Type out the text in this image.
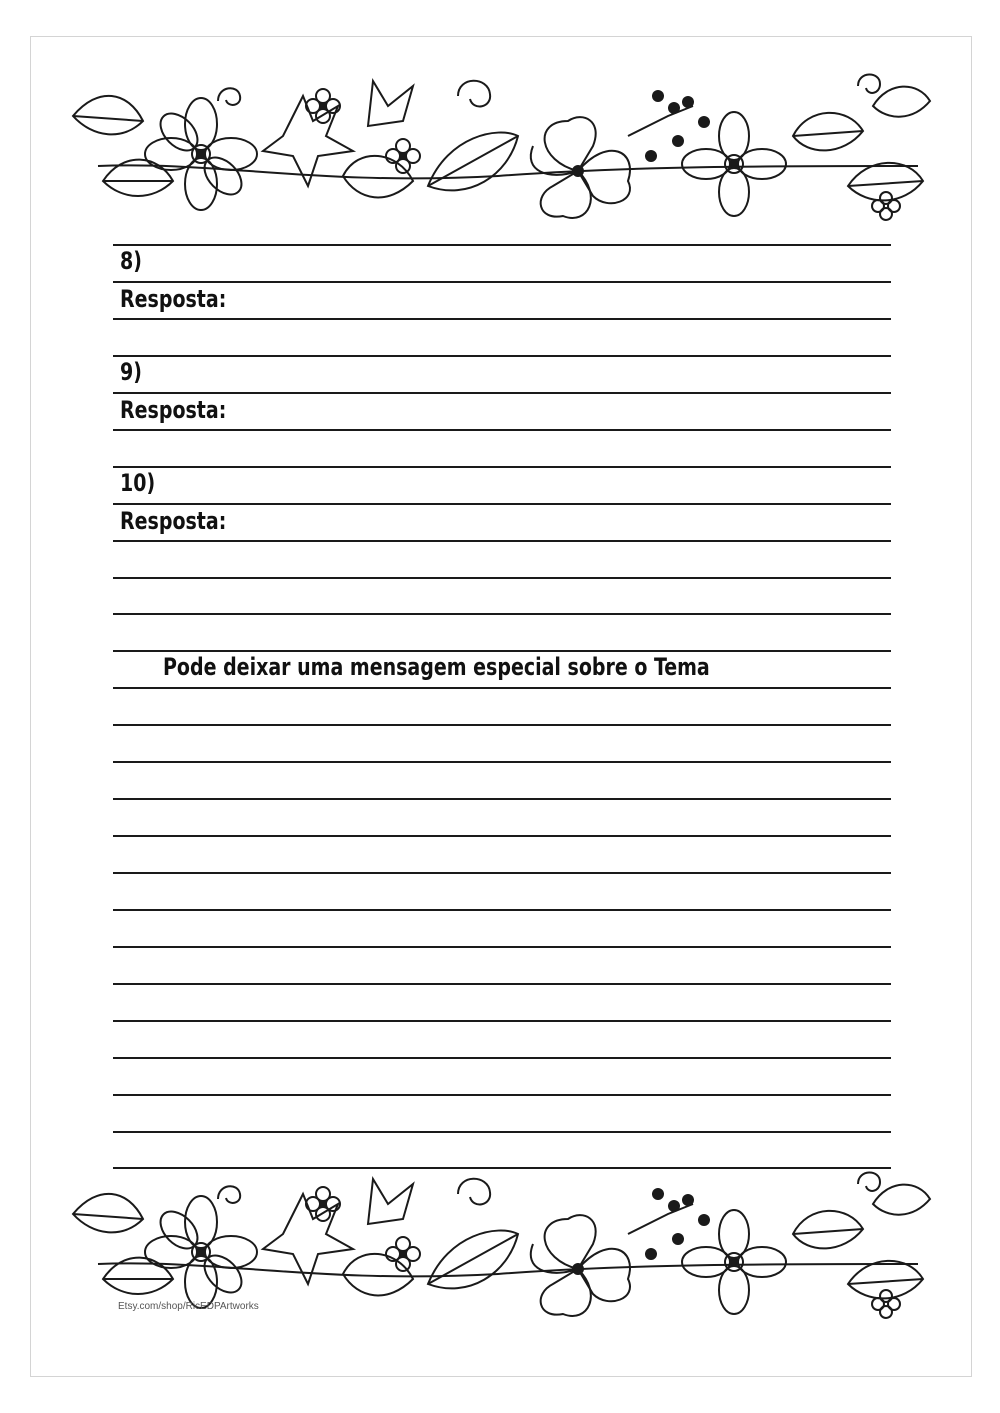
8)
Resposta:
9)
Resposta:
10)
Resposta:
Pode deixar uma mensagem especial sobre o Tema
Etsy.com/shop/RicEDPArtworks
